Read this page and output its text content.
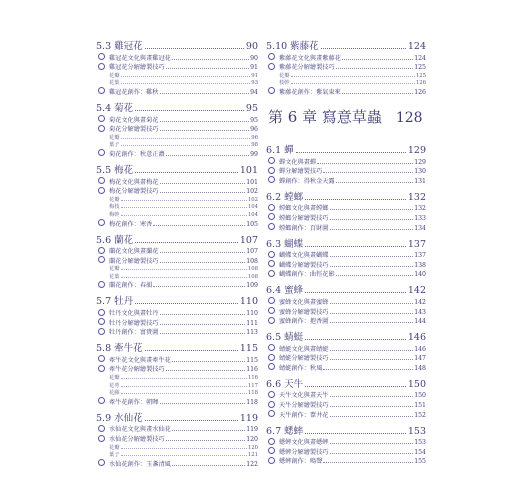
5.3 雞冠花	90
雞冠花文化與畫雞冠花	90
雞冠花分解繪製技巧	91
花瓣	91
花葉	93
雞冠花創作：雞秋	94
5.4 菊花	95
菊花文化與畫菊花	95
菊花分解繪製技巧	96
花瓣	96
葉子	98
菊花創作：秋意正濃	99
5.5 梅花	101
梅花文化與畫梅花	101
梅花分解繪製技巧	102
花瓣	102
梅枝	104
梅幹	104
梅花創作：寒香	105
5.6 蘭花	107
蘭花文化與畫蘭花	107
蘭花分解繪製技巧	108
花瓣	108
花葉	108
蘭花創作：春韻	109
5.7 牡丹	110
牡丹文化與畫牡丹	110
牡丹分解繪製技巧	111
牡丹創作：富貴圖	113
5.8 牽牛花	115
牽牛花文化與畫牽牛花	115
牽牛花分解繪製技巧	116
花瓣	116
花萼	117
花藤	118
牽牛花創作：朝暉	118
5.9 水仙花	119
水仙花文化與畫水仙花	119
水仙花分解繪製技巧	120
花瓣	120
葉子	121
水仙花創作：玉盞清風	122
5.10 紫藤花	124
紫藤花文化與畫紫藤花	124
紫藤花分解繪製技巧	125
花瓣	125
枝幹	126
紫藤花創作：紫氣東來	126
第 6 章 寫意草蟲 128
6.1 蟬	129
蟬文化與畫蟬	129
蟬分解繪製技巧	130
蟬創作：得秋金天露	131
6.2 螳螂	132
螳螂文化與畫螳螂	132
螳螂分解繪製技巧	133
螳螂創作：百財圖	134
6.3 蝴蝶	137
蝴蝶文化與畫蝴蝶	137
蝴蝶分解繪製技巧	138
蝴蝶創作：曲徑花影	140
6.4 蜜蜂	142
蜜蜂文化與畫蜜蜂	142
蜜蜂分解繪製技巧	143
蜜蜂創作：抱香圖	144
6.5 蜻蜓	146
蜻蜓文化與畫蜻蜓	146
蜻蜓分解繪製技巧	147
蜻蜓創作：秋風	148
6.6 天牛	150
天牛文化與畫天牛	150
天牛分解繪製技巧	151
天牛創作：葦井花	152
6.7 蟋蟀	153
蟋蟀文化與畫蟋蟀	153
蟋蟀分解繪製技巧	154
蟋蟀創作：鳴聲	155
